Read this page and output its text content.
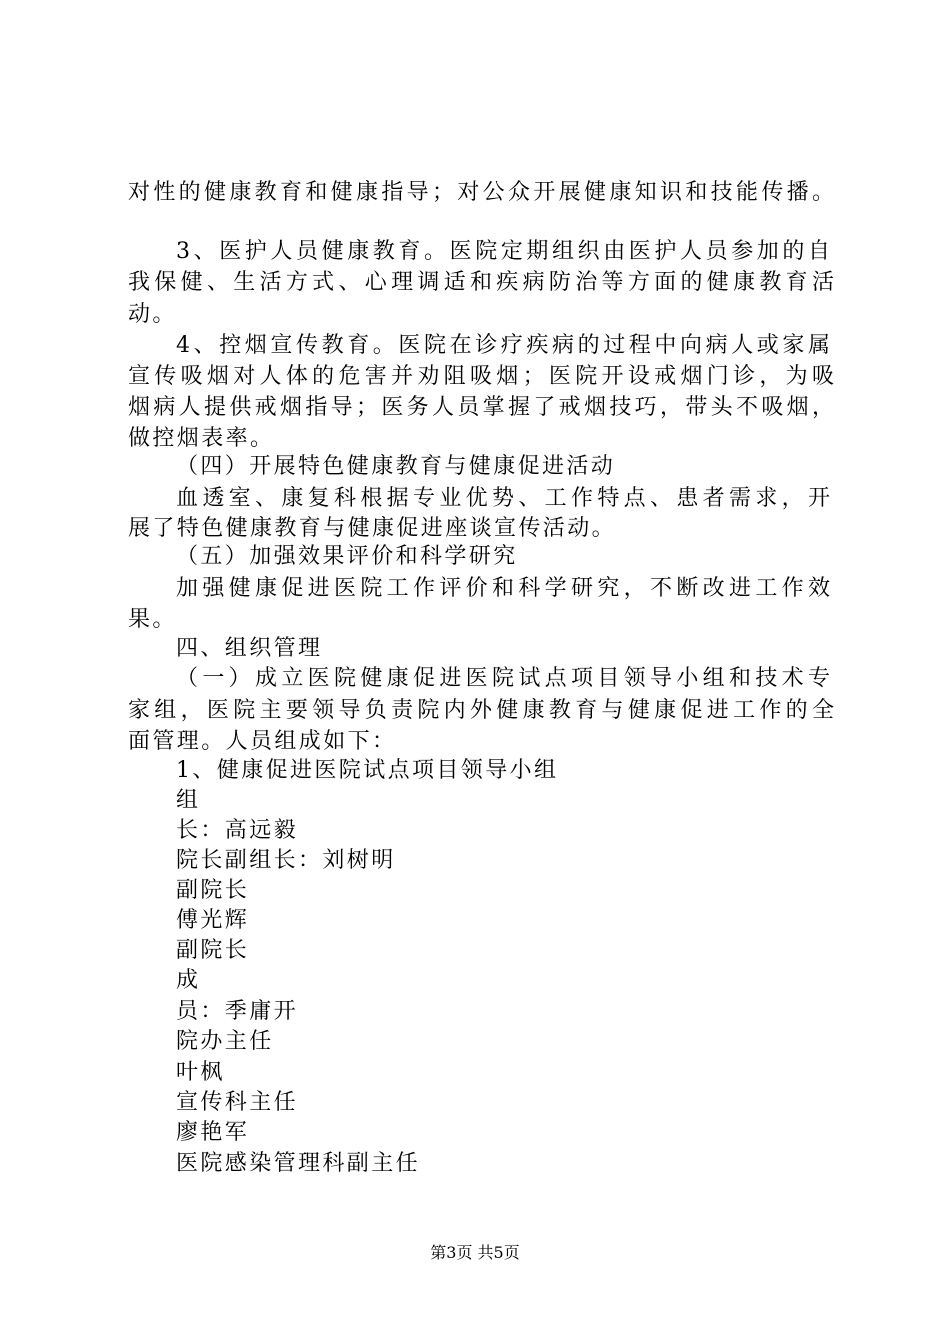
对性的健康教育和健康指导；对公众开展健康知识和技能传播。
3、医护人员健康教育。医院定期组织由医护人员参加的自
我保健、生活方式、心理调适和疾病防治等方面的健康教育活
动。
4、控烟宣传教育。医院在诊疗疾病的过程中向病人或家属
宣传吸烟对人体的危害并劝阻吸烟；医院开设戒烟门诊，为吸
烟病人提供戒烟指导；医务人员掌握了戒烟技巧，带头不吸烟，
做控烟表率。
（四）开展特色健康教育与健康促进活动
血透室、康复科根据专业优势、工作特点、患者需求，开
展了特色健康教育与健康促进座谈宣传活动。
（五）加强效果评价和科学研究
加强健康促进医院工作评价和科学研究，不断改进工作效
果。
四、组织管理
（一）成立医院健康促进医院试点项目领导小组和技术专
家组，医院主要领导负责院内外健康教育与健康促进工作的全
面管理。人员组成如下：
1、健康促进医院试点项目领导小组
组
长：高远毅
院长副组长：刘树明
副院长
傅光辉
副院长
成
员：季庸开
院办主任
叶枫
宣传科主任
廖艳军
医院感染管理科副主任
第3页 共5页
